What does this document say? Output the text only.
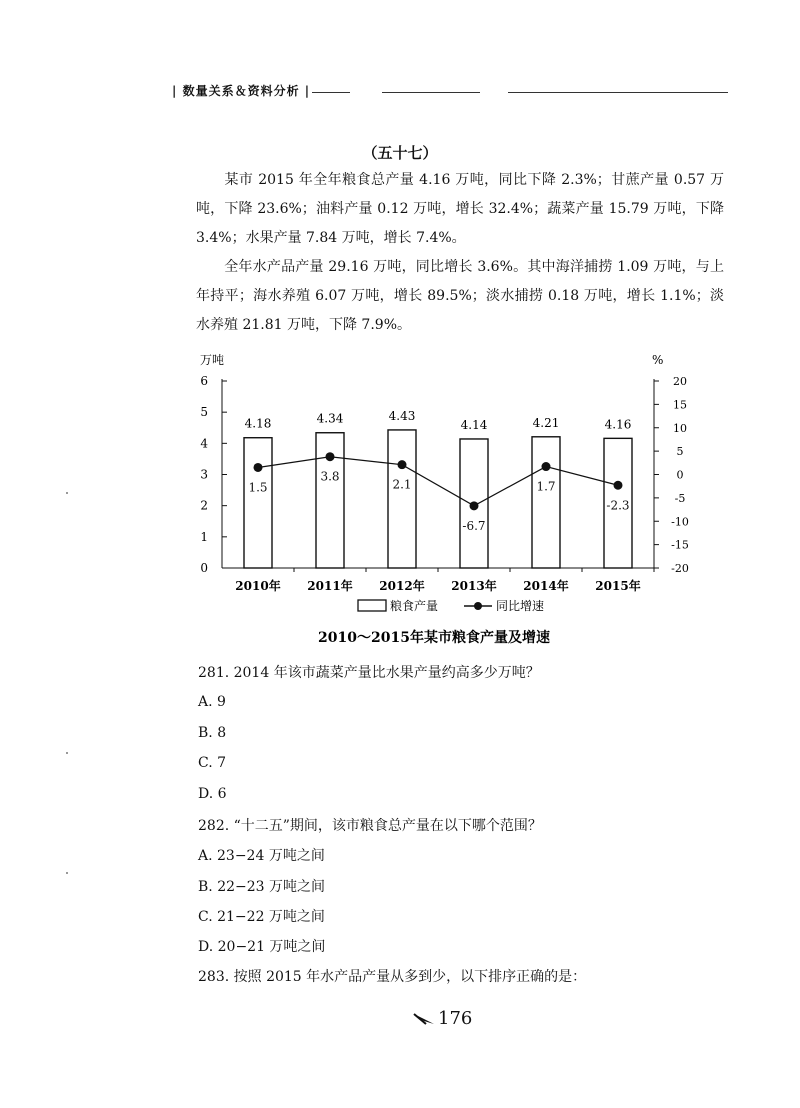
| 数量关系＆资料分析 |
（五十七）
某市 2015 年全年粮食总产量 4.16 万吨，同比下降 2.3%；甘蔗产量 0.57 万吨，下降 23.6%；油料产量 0.12 万吨，增长 32.4%；蔬菜产量 15.79 万吨，下降 3.4%；水果产量 7.84 万吨，增长 7.4%。
全年水产品产量 29.16 万吨，同比增长 3.6%。其中海洋捕捞 1.09 万吨，与上年持平；海水养殖 6.07 万吨，增长 89.5%；淡水捕捞 0.18 万吨，增长 1.1%；淡水养殖 21.81 万吨，下降 7.9%。
万吨	%
0
1
2
3
4
5
6
-20
-15
-10
-5
0
5
10
15
20
4.18	4.34	4.43
4.14	4.21	4.16
2010年 2011年 2012年 2013年 2014年 2015年
1.5
3.8
2.1
-6.7
1.7
-2.3
粮食产量	同比增速
2010～2015年某市粮食产量及增速
281. 2014 年该市蔬菜产量比水果产量约高多少万吨？
A. 9
B. 8
C. 7
D. 6
282. “十二五”期间，该市粮食总产量在以下哪个范围？
A. 23−24 万吨之间
B. 22−23 万吨之间
C. 21−22 万吨之间
D. 20−21 万吨之间
283. 按照 2015 年水产品产量从多到少，以下排序正确的是：
176
